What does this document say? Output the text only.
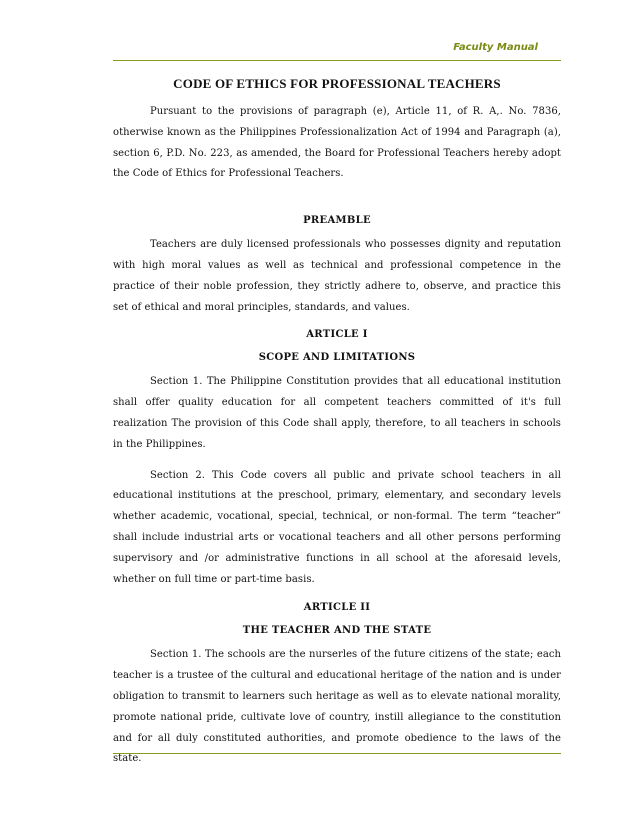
Faculty Manual
CODE OF ETHICS FOR PROFESSIONAL TEACHERS

Pursuant to the provisions of paragraph (e), Article 11, of R. A,. No. 7836, otherwise known as the Philippines Professionalization Act of 1994 and Paragraph (a), section 6, P.D. No. 223, as amended, the Board for Professional Teachers hereby adopt the Code of Ethics for Professional Teachers.

PREAMBLE

Teachers are duly licensed professionals who possesses dignity and reputation with high moral values as well as technical and professional competence in the practice of their noble profession, they strictly adhere to, observe, and practice this set of ethical and moral principles, standards, and values.

ARTICLE I
SCOPE AND LIMITATIONS

Section 1. The Philippine Constitution provides that all educational institution shall offer quality education for all competent teachers committed of it's full realization The provision of this Code shall apply, therefore, to all teachers in schools in the Philippines.

Section 2. This Code covers all public and private school teachers in all educational institutions at the preschool, primary, elementary, and secondary levels whether academic, vocational, special, technical, or non-formal. The term “teacher” shall include industrial arts or vocational teachers and all other persons performing supervisory and /or administrative functions in all school at the aforesaid levels, whether on full time or part-time basis.

ARTICLE II
THE TEACHER AND THE STATE

Section 1. The schools are the nurserles of the future citizens of the state; each teacher is a trustee of the cultural and educational heritage of the nation and is under obligation to transmit to learners such heritage as well as to elevate national morality, promote national pride, cultivate love of country, instill allegiance to the constitution and for all duly constituted authorities, and promote obedience to the laws of the state.
